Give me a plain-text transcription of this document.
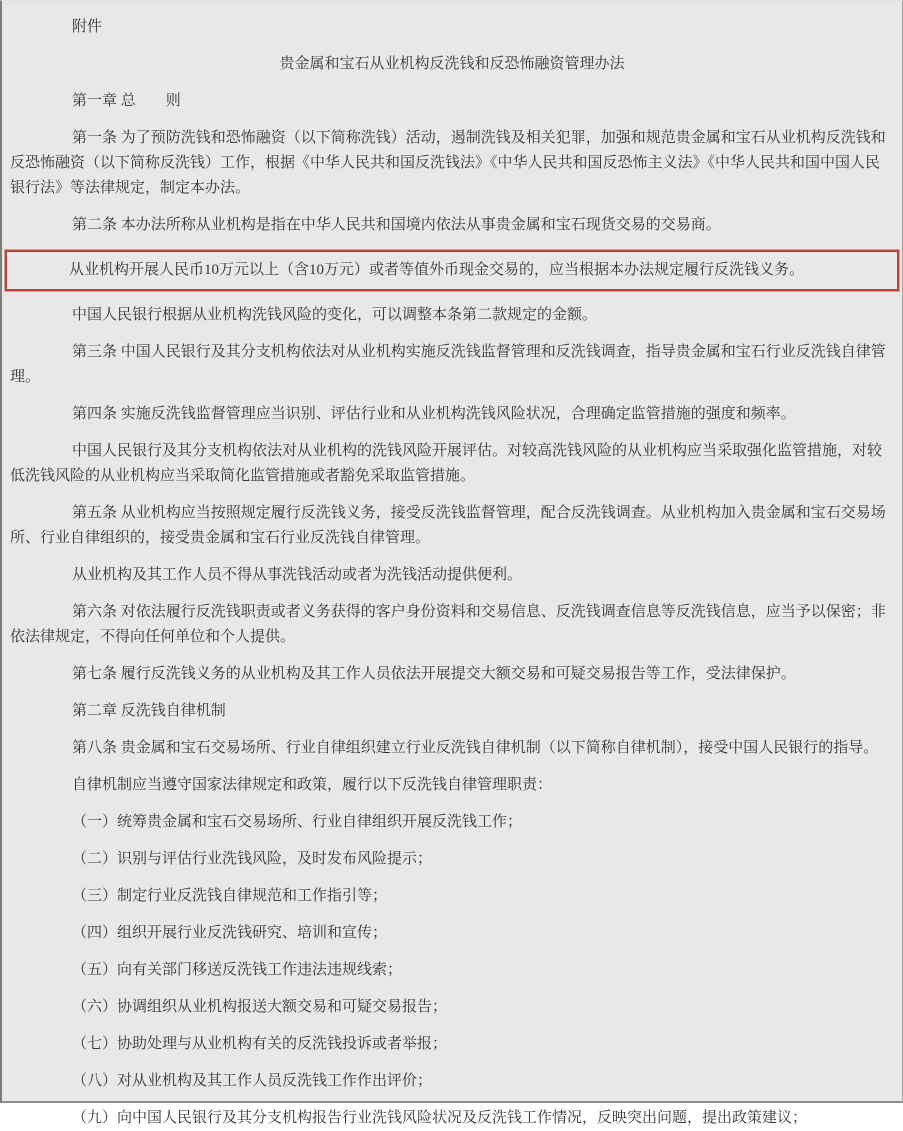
附件

贵金属和宝石从业机构反洗钱和反恐怖融资管理办法

第一章 总　　则

第一条 为了预防洗钱和恐怖融资（以下简称洗钱）活动，遏制洗钱及相关犯罪，加强和规范贵金属和宝石从业机构反洗钱和反恐怖融资（以下简称反洗钱）工作，根据《中华人民共和国反洗钱法》《中华人民共和国反恐怖主义法》《中华人民共和国中国人民银行法》等法律规定，制定本办法。

第二条 本办法所称从业机构是指在中华人民共和国境内依法从事贵金属和宝石现货交易的交易商。

从业机构开展人民币10万元以上（含10万元）或者等值外币现金交易的，应当根据本办法规定履行反洗钱义务。

中国人民银行根据从业机构洗钱风险的变化，可以调整本条第二款规定的金额。

第三条 中国人民银行及其分支机构依法对从业机构实施反洗钱监督管理和反洗钱调查，指导贵金属和宝石行业反洗钱自律管理。

第四条 实施反洗钱监督管理应当识别、评估行业和从业机构洗钱风险状况，合理确定监管措施的强度和频率。

中国人民银行及其分支机构依法对从业机构的洗钱风险开展评估。对较高洗钱风险的从业机构应当采取强化监管措施，对较低洗钱风险的从业机构应当采取简化监管措施或者豁免采取监管措施。

第五条 从业机构应当按照规定履行反洗钱义务，接受反洗钱监督管理，配合反洗钱调查。从业机构加入贵金属和宝石交易场所、行业自律组织的，接受贵金属和宝石行业反洗钱自律管理。

从业机构及其工作人员不得从事洗钱活动或者为洗钱活动提供便利。

第六条 对依法履行反洗钱职责或者义务获得的客户身份资料和交易信息、反洗钱调查信息等反洗钱信息，应当予以保密；非依法律规定，不得向任何单位和个人提供。

第七条 履行反洗钱义务的从业机构及其工作人员依法开展提交大额交易和可疑交易报告等工作，受法律保护。

第二章 反洗钱自律机制

第八条 贵金属和宝石交易场所、行业自律组织建立行业反洗钱自律机制（以下简称自律机制），接受中国人民银行的指导。

自律机制应当遵守国家法律规定和政策，履行以下反洗钱自律管理职责：

（一）统筹贵金属和宝石交易场所、行业自律组织开展反洗钱工作；

（二）识别与评估行业洗钱风险，及时发布风险提示；

（三）制定行业反洗钱自律规范和工作指引等；

（四）组织开展行业反洗钱研究、培训和宣传；

（五）向有关部门移送反洗钱工作违法违规线索；

（六）协调组织从业机构报送大额交易和可疑交易报告；

（七）协助处理与从业机构有关的反洗钱投诉或者举报；

（八）对从业机构及其工作人员反洗钱工作作出评价；

（九）向中国人民银行及其分支机构报告行业洗钱风险状况及反洗钱工作情况，反映突出问题，提出政策建议；
